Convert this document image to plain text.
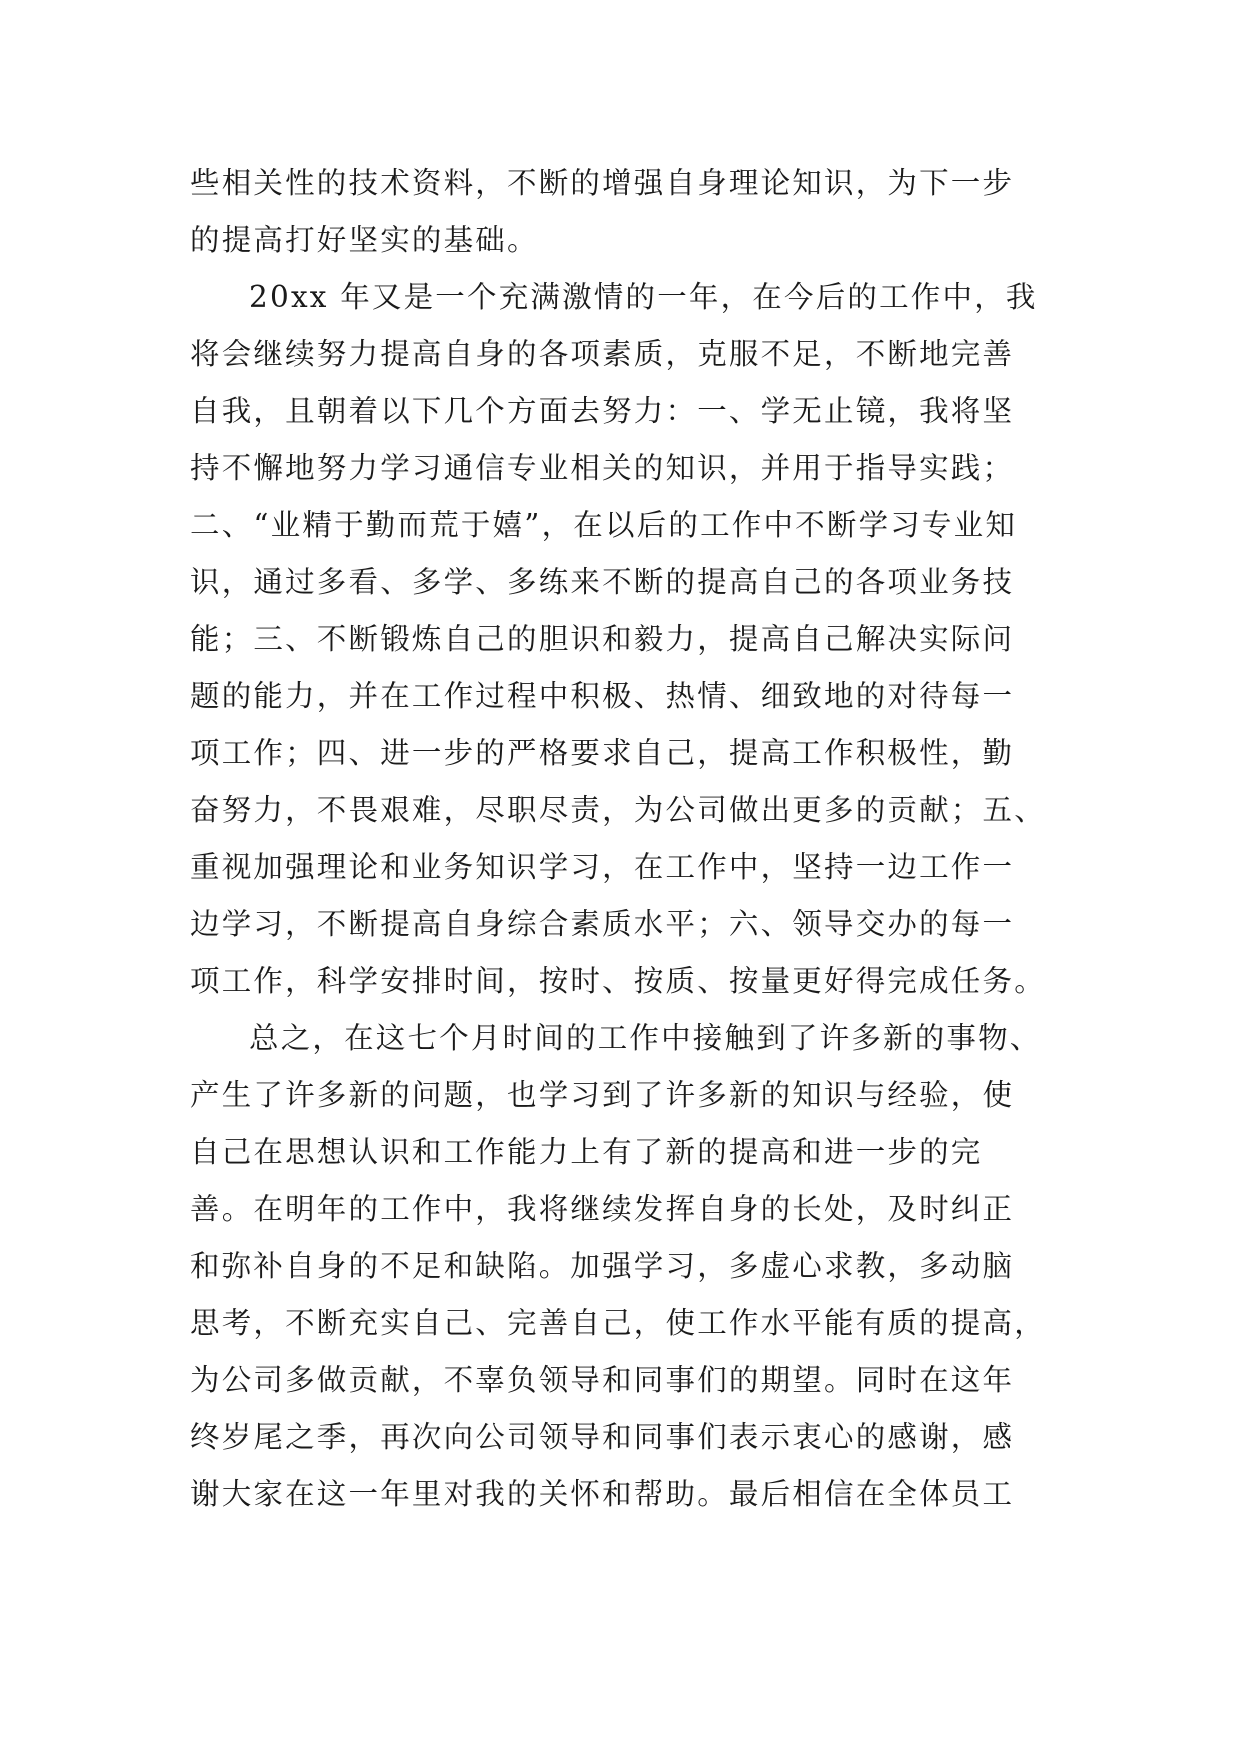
些相关性的技术资料，不断的增强自身理论知识，为下一步
的提高打好坚实的基础。
20xx 年又是一个充满激情的一年，在今后的工作中，我
将会继续努力提高自身的各项素质，克服不足，不断地完善
自我，且朝着以下几个方面去努力：一、学无止镜，我将坚
持不懈地努力学习通信专业相关的知识，并用于指导实践；
二、“业精于勤而荒于嬉”，在以后的工作中不断学习专业知
识，通过多看、多学、多练来不断的提高自己的各项业务技
能；三、不断锻炼自己的胆识和毅力，提高自己解决实际问
题的能力，并在工作过程中积极、热情、细致地的对待每一
项工作；四、进一步的严格要求自己，提高工作积极性，勤
奋努力，不畏艰难，尽职尽责，为公司做出更多的贡献；五、
重视加强理论和业务知识学习，在工作中，坚持一边工作一
边学习，不断提高自身综合素质水平；六、领导交办的每一
项工作，科学安排时间，按时、按质、按量更好得完成任务。
总之，在这七个月时间的工作中接触到了许多新的事物、
产生了许多新的问题，也学习到了许多新的知识与经验，使
自己在思想认识和工作能力上有了新的提高和进一步的完
善。在明年的工作中，我将继续发挥自身的长处，及时纠正
和弥补自身的不足和缺陷。加强学习，多虚心求教，多动脑
思考，不断充实自己、完善自己，使工作水平能有质的提高，
为公司多做贡献，不辜负领导和同事们的期望。同时在这年
终岁尾之季，再次向公司领导和同事们表示衷心的感谢，感
谢大家在这一年里对我的关怀和帮助。最后相信在全体员工
